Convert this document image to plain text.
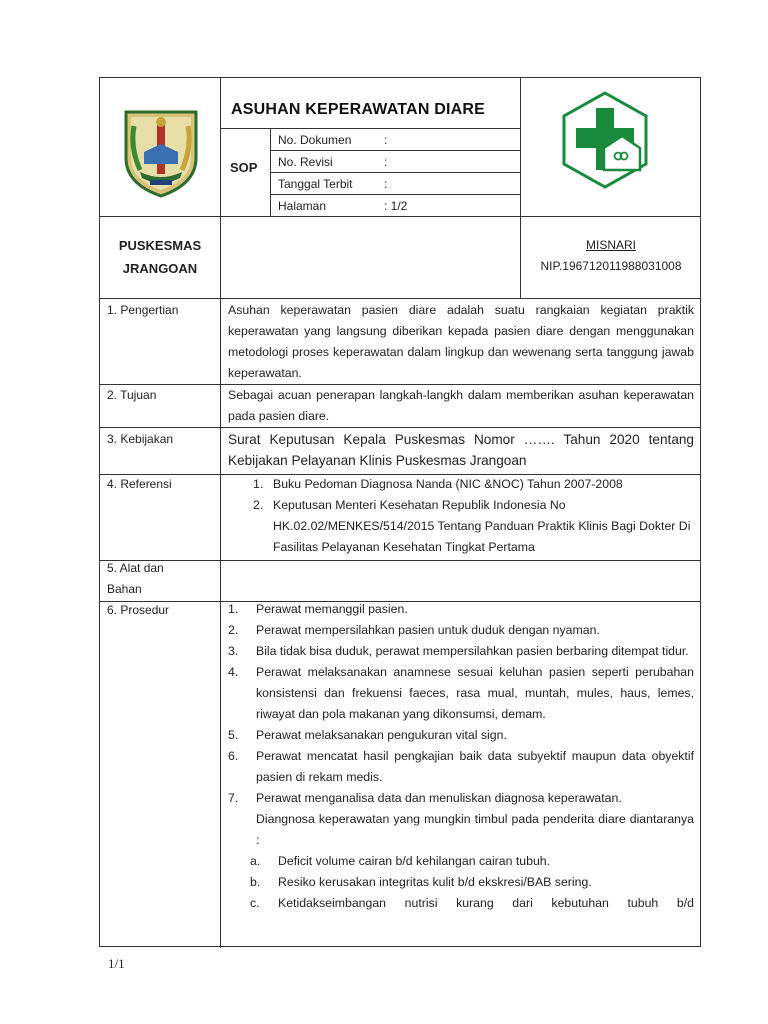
ASUHAN KEPERAWATAN DIARE
SOP
No. Dokumen	:
No. Revisi	:
Tanggal Terbit	:
Halaman	: 1/2
PUSKESMAS
JRANGOAN
MISNARI
NIP.196712011988031008
1. Pengertian	Asuhan keperawatan pasien diare adalah suatu rangkaian kegiatan praktik keperawatan yang langsung diberikan kepada pasien diare dengan menggunakan metodologi proses keperawatan dalam lingkup dan wewenang serta tanggung jawab keperawatan.
2. Tujuan	Sebagai acuan penerapan langkah-langkh dalam memberikan asuhan keperawatan pada pasien diare.
3. Kebijakan	Surat Keputusan Kepala Puskesmas Nomor ……. Tahun 2020 tentang Kebijakan Pelayanan Klinis Puskesmas Jrangoan
4. Referensi	1. Buku Pedoman Diagnosa Nanda (NIC &NOC) Tahun 2007-2008
2. Keputusan Menteri Kesehatan Republik Indonesia No HK.02.02/MENKES/514/2015 Tentang Panduan Praktik Klinis Bagi Dokter Di Fasilitas Pelayanan Kesehatan Tingkat Pertama
5. Alat dan
Bahan
6. Prosedur	1. Perawat memanggil pasien.
2. Perawat mempersilahkan pasien untuk duduk dengan nyaman.
3. Bila tidak bisa duduk, perawat mempersilahkan pasien berbaring ditempat tidur.
4. Perawat melaksanakan anamnese sesuai keluhan pasien seperti perubahan konsistensi dan frekuensi faeces, rasa mual, muntah, mules, haus, lemes, riwayat dan pola makanan yang dikonsumsi, demam.
5. Perawat melaksanakan pengukuran vital sign.
6. Perawat mencatat hasil pengkajian baik data subyektif maupun data obyektif pasien di rekam medis.
7. Perawat menganalisa data dan menuliskan diagnosa keperawatan.
Diangnosa keperawatan yang mungkin timbul pada penderita diare diantaranya :
a. Deficit volume cairan b/d kehilangan cairan tubuh.
b. Resiko kerusakan integritas kulit b/d ekskresi/BAB sering.
c. Ketidakseimbangan nutrisi kurang dari kebutuhan tubuh b/d
1/1
